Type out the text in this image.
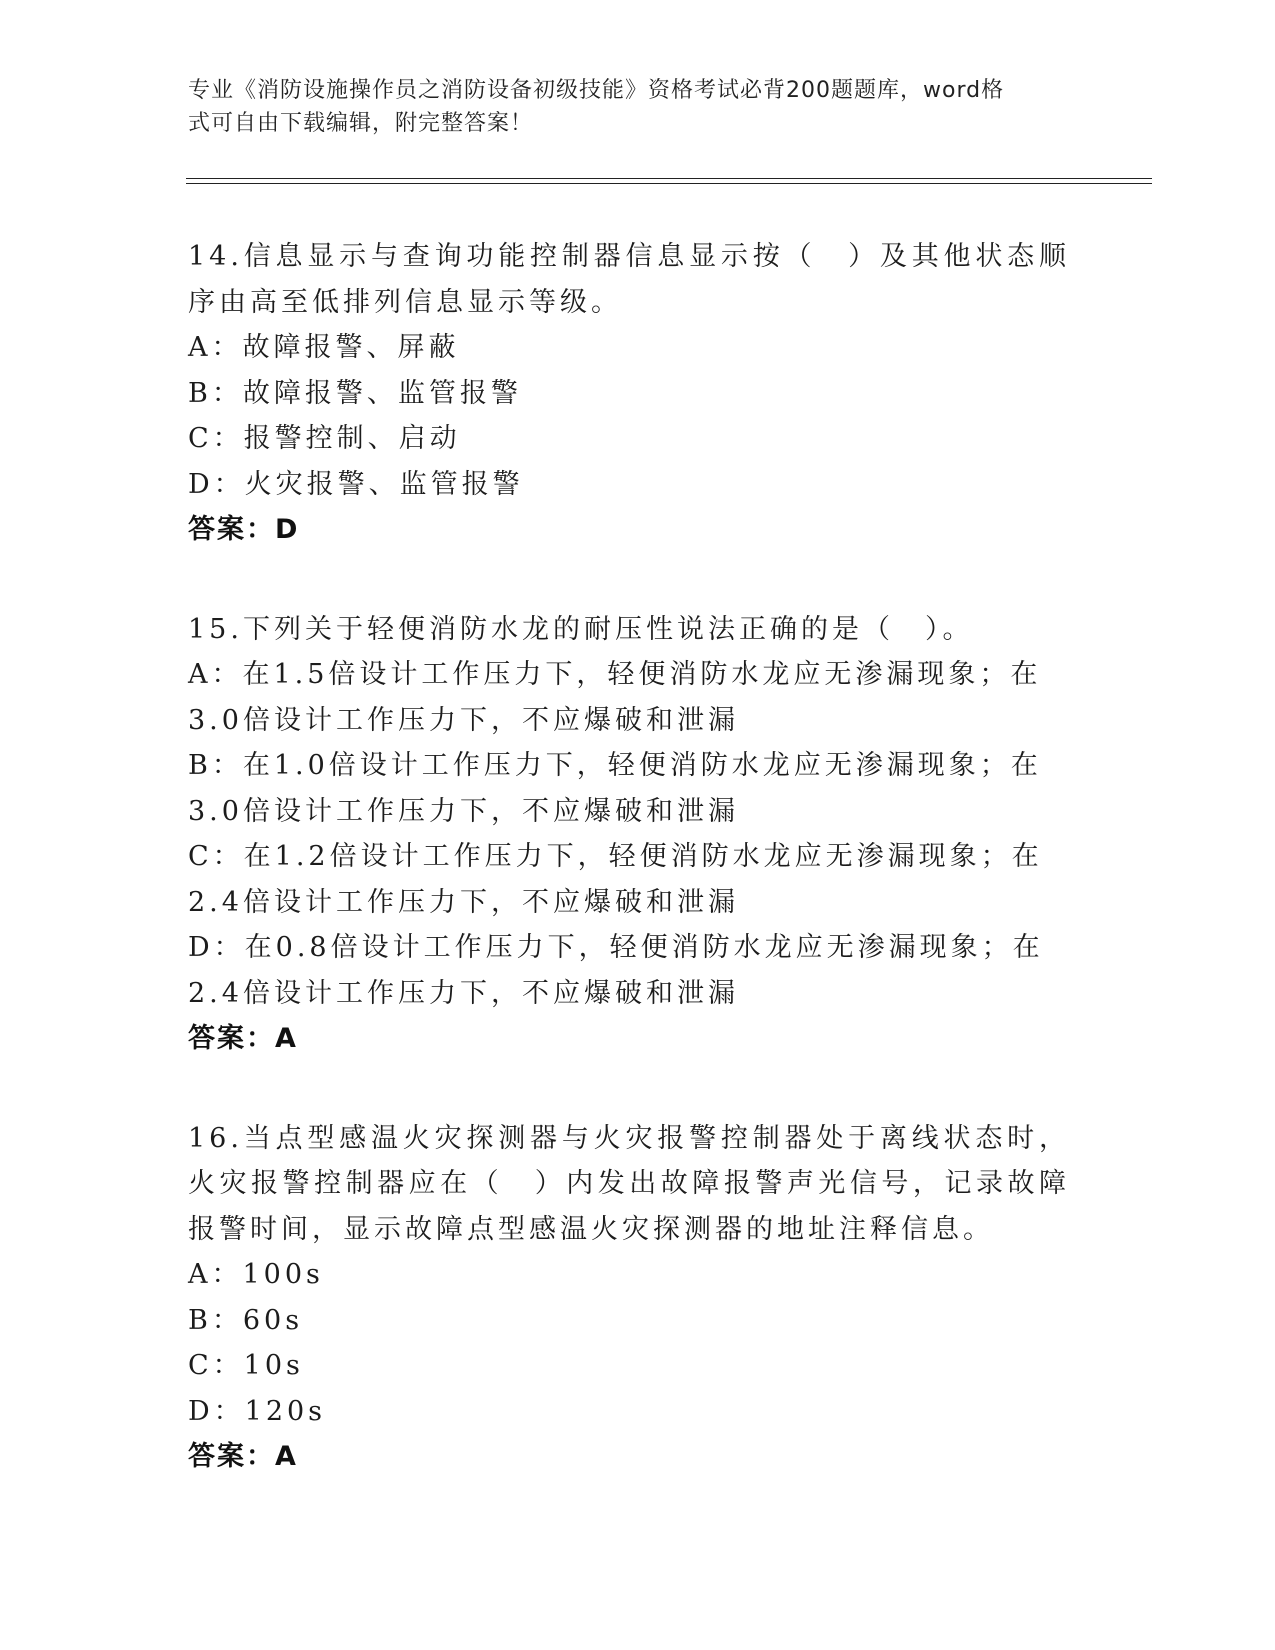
专业《消防设施操作员之消防设备初级技能》资格考试必背200题题库，word格
式可自由下载编辑，附完整答案！
14.信息显示与查询功能控制器信息显示按（　）及其他状态顺序由高至低排列信息显示等级。
A：故障报警、屏蔽
B：故障报警、监管报警
C：报警控制、启动
D：火灾报警、监管报警
答案：D
15.下列关于轻便消防水龙的耐压性说法正确的是（　）。
A：在1.5倍设计工作压力下，轻便消防水龙应无渗漏现象；在3.0倍设计工作压力下，不应爆破和泄漏
B：在1.0倍设计工作压力下，轻便消防水龙应无渗漏现象；在3.0倍设计工作压力下，不应爆破和泄漏
C：在1.2倍设计工作压力下，轻便消防水龙应无渗漏现象；在2.4倍设计工作压力下，不应爆破和泄漏
D：在0.8倍设计工作压力下，轻便消防水龙应无渗漏现象；在2.4倍设计工作压力下，不应爆破和泄漏
答案：A
16.当点型感温火灾探测器与火灾报警控制器处于离线状态时，火灾报警控制器应在（　）内发出故障报警声光信号，记录故障报警时间，显示故障点型感温火灾探测器的地址注释信息。
A：100s
B：60s
C：10s
D：120s
答案：A
